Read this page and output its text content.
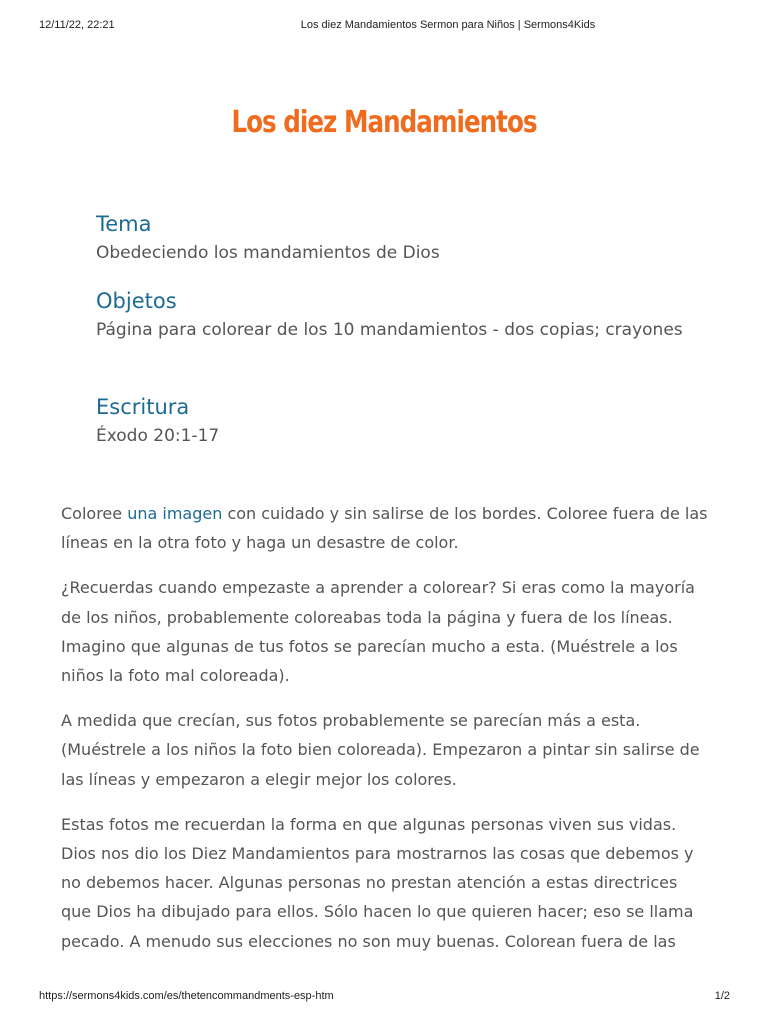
12/11/22, 22:21	Los diez Mandamientos Sermon para Niños | Sermons4Kids
Los diez Mandamientos
Tema
Obedeciendo los mandamientos de Dios
Objetos
Página para colorear de los 10 mandamientos - dos copias; crayones
Escritura
Éxodo 20:1-17

Coloree una imagen con cuidado y sin salirse de los bordes. Coloree fuera de las líneas en la otra foto y haga un desastre de color.

¿Recuerdas cuando empezaste a aprender a colorear? Si eras como la mayoría de los niños, probablemente coloreabas toda la página y fuera de los líneas. Imagino que algunas de tus fotos se parecían mucho a esta. (Muéstrele a los niños la foto mal coloreada).

A medida que crecían, sus fotos probablemente se parecían más a esta. (Muéstrele a los niños la foto bien coloreada). Empezaron a pintar sin salirse de las líneas y empezaron a elegir mejor los colores.

Estas fotos me recuerdan la forma en que algunas personas viven sus vidas. Dios nos dio los Diez Mandamientos para mostrarnos las cosas que debemos y no debemos hacer. Algunas personas no prestan atención a estas directrices que Dios ha dibujado para ellos. Sólo hacen lo que quieren hacer; eso se llama pecado. A menudo sus elecciones no son muy buenas. Colorean fuera de las

https://sermons4kids.com/es/thetencommandments-esp-htm	1/2
